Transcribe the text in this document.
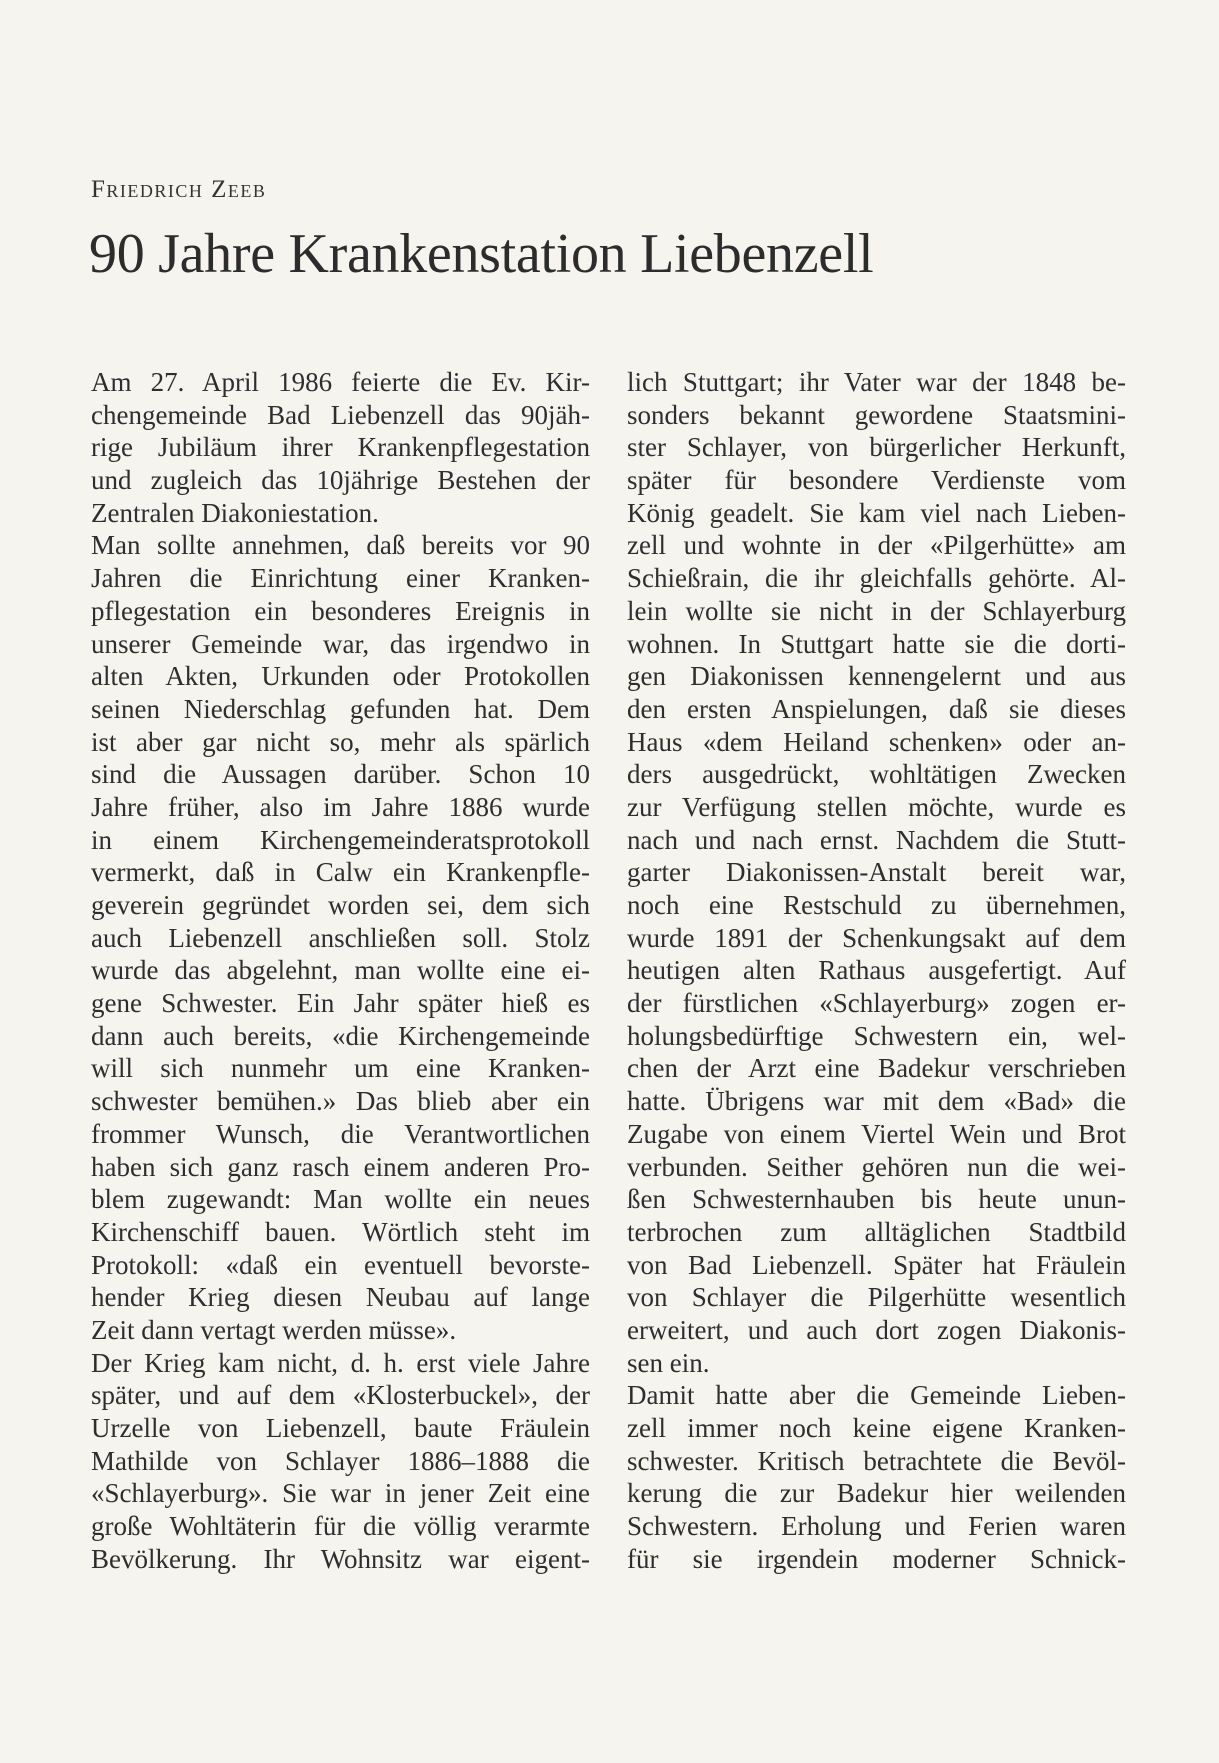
Friedrich Zeeb
90 Jahre Krankenstation Liebenzell
Am 27. April 1986 feierte die Ev. Kir-
chengemeinde Bad Liebenzell das 90jäh-
rige Jubiläum ihrer Krankenpflegestation
und zugleich das 10jährige Bestehen der
Zentralen Diakoniestation.
Man sollte annehmen, daß bereits vor 90
Jahren die Einrichtung einer Kranken-
pflegestation ein besonderes Ereignis in
unserer Gemeinde war, das irgendwo in
alten Akten, Urkunden oder Protokollen
seinen Niederschlag gefunden hat. Dem
ist aber gar nicht so, mehr als spärlich
sind die Aussagen darüber. Schon 10
Jahre früher, also im Jahre 1886 wurde
in einem Kirchengemeinderatsprotokoll
vermerkt, daß in Calw ein Krankenpfle-
geverein gegründet worden sei, dem sich
auch Liebenzell anschließen soll. Stolz
wurde das abgelehnt, man wollte eine ei-
gene Schwester. Ein Jahr später hieß es
dann auch bereits, «die Kirchengemeinde
will sich nunmehr um eine Kranken-
schwester bemühen.» Das blieb aber ein
frommer Wunsch, die Verantwortlichen
haben sich ganz rasch einem anderen Pro-
blem zugewandt: Man wollte ein neues
Kirchenschiff bauen. Wörtlich steht im
Protokoll: «daß ein eventuell bevorste-
hender Krieg diesen Neubau auf lange
Zeit dann vertagt werden müsse».
Der Krieg kam nicht, d. h. erst viele Jahre
später, und auf dem «Klosterbuckel», der
Urzelle von Liebenzell, baute Fräulein
Mathilde von Schlayer 1886–1888 die
«Schlayerburg». Sie war in jener Zeit eine
große Wohltäterin für die völlig verarmte
Bevölkerung. Ihr Wohnsitz war eigent-
lich Stuttgart; ihr Vater war der 1848 be-
sonders bekannt gewordene Staatsmini-
ster Schlayer, von bürgerlicher Herkunft,
später für besondere Verdienste vom
König geadelt. Sie kam viel nach Lieben-
zell und wohnte in der «Pilgerhütte» am
Schießrain, die ihr gleichfalls gehörte. Al-
lein wollte sie nicht in der Schlayerburg
wohnen. In Stuttgart hatte sie die dorti-
gen Diakonissen kennengelernt und aus
den ersten Anspielungen, daß sie dieses
Haus «dem Heiland schenken» oder an-
ders ausgedrückt, wohltätigen Zwecken
zur Verfügung stellen möchte, wurde es
nach und nach ernst. Nachdem die Stutt-
garter Diakonissen-Anstalt bereit war,
noch eine Restschuld zu übernehmen,
wurde 1891 der Schenkungsakt auf dem
heutigen alten Rathaus ausgefertigt. Auf
der fürstlichen «Schlayerburg» zogen er-
holungsbedürftige Schwestern ein, wel-
chen der Arzt eine Badekur verschrieben
hatte. Übrigens war mit dem «Bad» die
Zugabe von einem Viertel Wein und Brot
verbunden. Seither gehören nun die wei-
ßen Schwesternhauben bis heute unun-
terbrochen zum alltäglichen Stadtbild
von Bad Liebenzell. Später hat Fräulein
von Schlayer die Pilgerhütte wesentlich
erweitert, und auch dort zogen Diakonis-
sen ein.
Damit hatte aber die Gemeinde Lieben-
zell immer noch keine eigene Kranken-
schwester. Kritisch betrachtete die Bevöl-
kerung die zur Badekur hier weilenden
Schwestern. Erholung und Ferien waren
für sie irgendein moderner Schnick-
